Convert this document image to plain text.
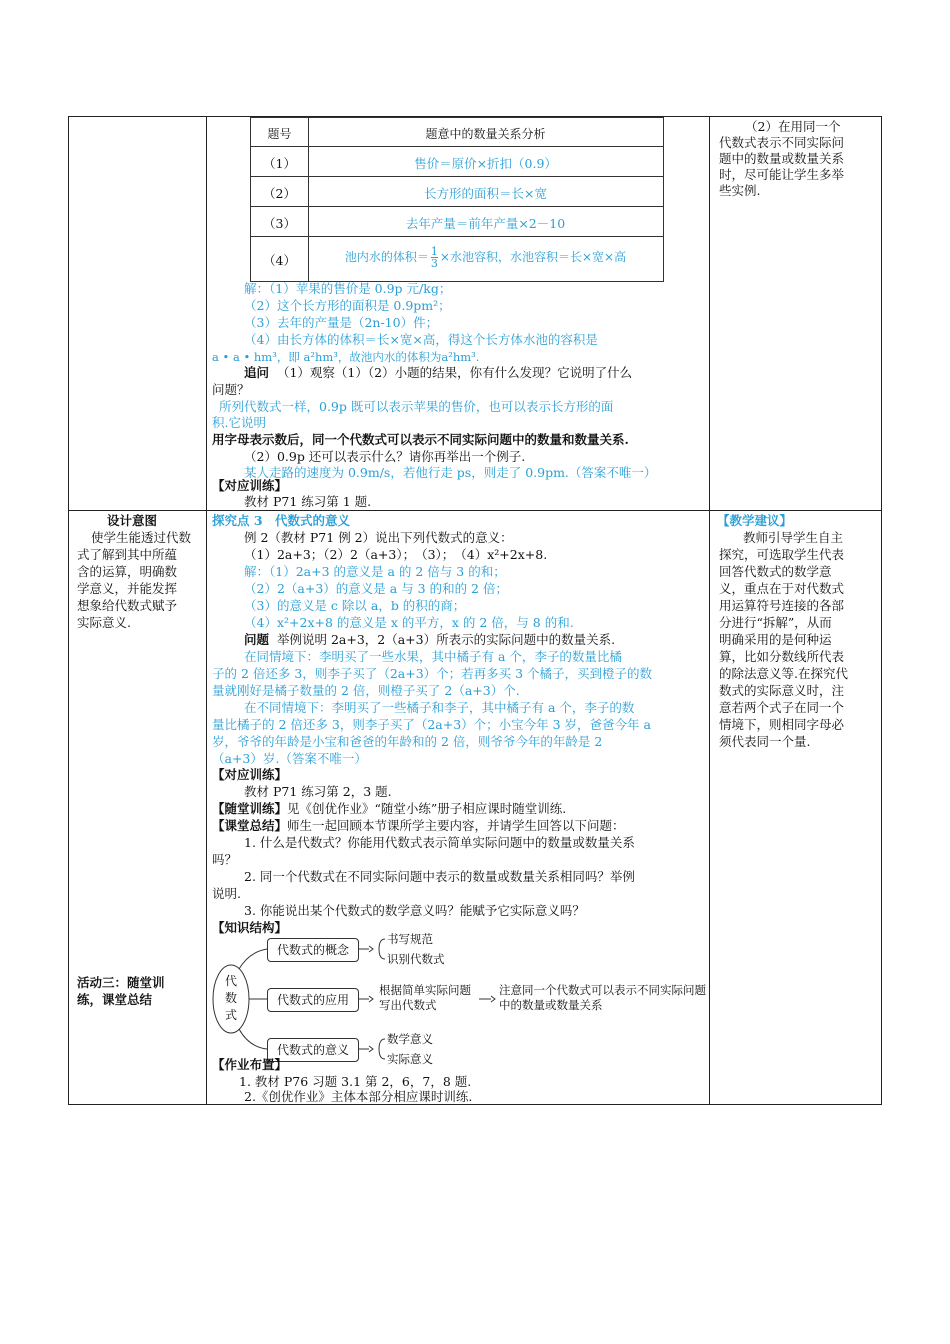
题号	题意中的数量关系分析
（1）	售价＝原价×折扣（0.9）
（2）	长方形的面积＝长×宽
（3）	去年产量＝前年产量×2－10
（4）	池内水的体积＝ $\frac{1}{3}$ ×水池容积，水池容积＝长×宽×高
解：（1）苹果的售价是 0.9p 元/kg；
（2）这个长方形的面积是 0.9pm²；
（3）去年的产量是（2n-10）件；
（4）由长方体的体积＝长×宽×高，得这个长方体水池的容积是
a • a • hm³，即 a²hm³，故池内水的体积为a²hm³.
追问 （1）观察（1）（2）小题的结果，你有什么发现？它说明了什么
问题？
所列代数式一样，0.9p 既可以表示苹果的售价，也可以表示长方形的面
积.它说明
用字母表示数后，同一个代数式可以表示不同实际问题中的数量和数量关系.
（2）0.9p 还可以表示什么？请你再举出一个例子.
某人走路的速度为 0.9m/s，若他行走 ps，则走了 0.9pm.（答案不唯一）
【对应训练】
教材 P71 练习第 1 题.
（2）在用同一个
代数式表示不同实际问
题中的数量或数量关系
时，尽可能让学生多举
些实例.
设计意图
使学生能透过代数
式了解到其中所蕴
含的运算，明确数
学意义，并能发挥
想象给代数式赋予
实际意义.
活动三：随堂训
练，课堂总结
【教学建议】
教师引导学生自主
探究，可选取学生代表
回答代数式的数学意
义，重点在于对代数式
用运算符号连接的各部
分进行“拆解”，从而
明确采用的是何种运
算，比如分数线所代表
的除法意义等.在探究代
数式的实际意义时，注
意若两个式子在同一个
情境下，则相同字母必
须代表同一个量.
探究点 3　代数式的意义
例 2（教材 P71 例 2）说出下列代数式的意义：
（1）2a+3；（2）2（a+3）；　（3）；　（4）x²+2x+8.
解：（1）2a+3 的意义是 a 的 2 倍与 3 的和；
（2）2（a+3）的意义是 a 与 3 的和的 2 倍；
（3）的意义是 c 除以 a，b 的积的商；
（4）x²+2x+8 的意义是 x 的平方，x 的 2 倍，与 8 的和.
问题 举例说明 2a+3，2（a+3）所表示的实际问题中的数量关系.
在同情境下：李明买了一些水果，其中橘子有 a 个，李子的数量比橘
子的 2 倍还多 3，则李子买了（2a+3）个；若再多买 3 个橘子，买到橙子的数
量就刚好是橘子数量的 2 倍，则橙子买了 2（a+3）个.
在不同情境下：李明买了一些橘子和李子，其中橘子有 a 个，李子的数
量比橘子的 2 倍还多 3，则李子买了（2a+3）个；小宝今年 3 岁，爸爸今年 a
岁，爷爷的年龄是小宝和爸爸的年龄和的 2 倍，则爷爷今年的年龄是 2
（a+3）岁.（答案不唯一）
【对应训练】
教材 P71 练习第 2，3 题.
【随堂训练】见《创优作业》“随堂小练”册子相应课时随堂训练.
【课堂总结】师生一起回顾本节课所学主要内容，并请学生回答以下问题：
1. 什么是代数式？你能用代数式表示简单实际问题中的数量或数量关系
吗？
2. 同一个代数式在不同实际问题中表示的数量或数量关系相同吗？举例
说明.
3. 你能说出某个代数式的数学意义吗？能赋予它实际意义吗？
【知识结构】
代数式
代数式的概念
代数式的应用
代数式的意义
书写规范
识别代数式
根据简单实际问题写出代数式
注意同一个代数式可以表示不同实际问题中的数量或数量关系
数学意义
实际意义
【作业布置】
1. 教材 P76 习题 3.1 第 2，6，7，8 题.
2.《创优作业》主体本部分相应课时训练.
